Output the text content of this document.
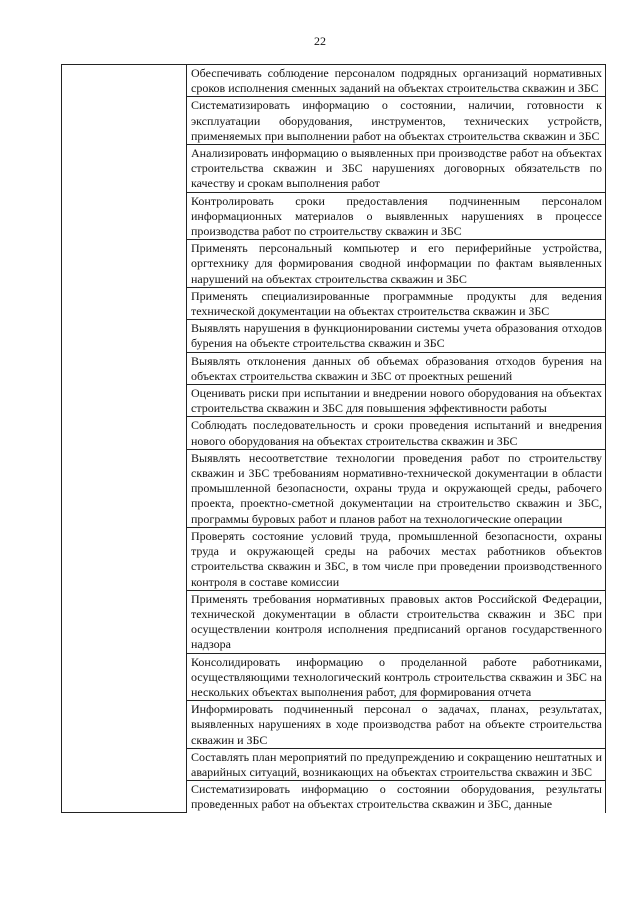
22

Обеспечивать соблюдение персоналом подрядных организаций нормативных сроков исполнения сменных заданий на объектах строительства скважин и ЗБС

Систематизировать информацию о состоянии, наличии, готовности к эксплуатации оборудования, инструментов, технических устройств, применяемых при выполнении работ на объектах строительства скважин и ЗБС

Анализировать информацию о выявленных при производстве работ на объектах строительства скважин и ЗБС нарушениях договорных обязательств по качеству и срокам выполнения работ

Контролировать сроки предоставления подчиненным персоналом информационных материалов о выявленных нарушениях в процессе производства работ по строительству скважин и ЗБС

Применять персональный компьютер и его периферийные устройства, оргтехнику для формирования сводной информации по фактам выявленных нарушений на объектах строительства скважин и ЗБС

Применять специализированные программные продукты для ведения технической документации на объектах строительства скважин и ЗБС

Выявлять нарушения в функционировании системы учета образования отходов бурения на объекте строительства скважин и ЗБС

Выявлять отклонения данных об объемах образования отходов бурения на объектах строительства скважин и ЗБС от проектных решений

Оценивать риски при испытании и внедрении нового оборудования на объектах строительства скважин и ЗБС для повышения эффективности работы

Соблюдать последовательность и сроки проведения испытаний и внедрения нового оборудования на объектах строительства скважин и ЗБС

Выявлять несоответствие технологии проведения работ по строительству скважин и ЗБС требованиям нормативно-технической документации в области промышленной безопасности, охраны труда и окружающей среды, рабочего проекта, проектно-сметной документации на строительство скважин и ЗБС, программы буровых работ и планов работ на технологические операции

Проверять состояние условий труда, промышленной безопасности, охраны труда и окружающей среды на рабочих местах работников объектов строительства скважин и ЗБС, в том числе при проведении производственного контроля в составе комиссии

Применять требования нормативных правовых актов Российской Федерации, технической документации в области строительства скважин и ЗБС при осуществлении контроля исполнения предписаний органов государственного надзора

Консолидировать информацию о проделанной работе работниками, осуществляющими технологический контроль строительства скважин и ЗБС на нескольких объектах выполнения работ, для формирования отчета

Информировать подчиненный персонал о задачах, планах, результатах, выявленных нарушениях в ходе производства работ на объекте строительства скважин и ЗБС

Составлять план мероприятий по предупреждению и сокращению нештатных и аварийных ситуаций, возникающих на объектах строительства скважин и ЗБС

Систематизировать информацию о состоянии оборудования, результаты проведенных работ на объектах строительства скважин и ЗБС, данные
